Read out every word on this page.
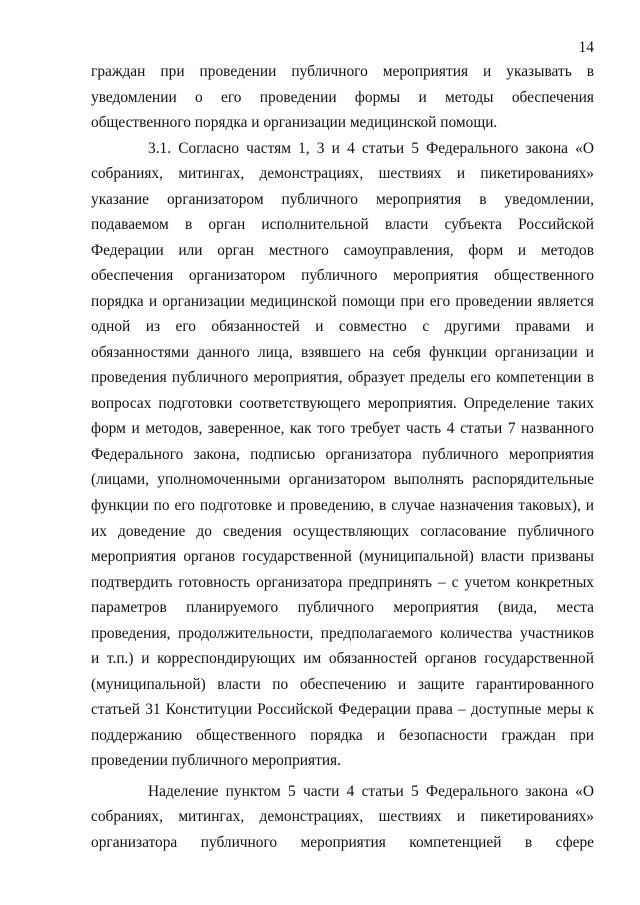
14
граждан при проведении публичного мероприятия и указывать в
уведомлении о его проведении формы и методы обеспечения
общественного порядка и организации медицинской помощи.
3.1. Согласно частям 1, 3 и 4 статьи 5 Федерального закона «О
собраниях, митингах, демонстрациях, шествиях и пикетированиях»
указание организатором публичного мероприятия в уведомлении,
подаваемом в орган исполнительной власти субъекта Российской
Федерации или орган местного самоуправления, форм и методов
обеспечения организатором публичного мероприятия общественного
порядка и организации медицинской помощи при его проведении является
одной из его обязанностей и совместно с другими правами и
обязанностями данного лица, взявшего на себя функции организации и
проведения публичного мероприятия, образует пределы его компетенции в
вопросах подготовки соответствующего мероприятия. Определение таких
форм и методов, заверенное, как того требует часть 4 статьи 7 названного
Федерального закона, подписью организатора публичного мероприятия
(лицами, уполномоченными организатором выполнять распорядительные
функции по его подготовке и проведению, в случае назначения таковых), и
их доведение до сведения осуществляющих согласование публичного
мероприятия органов государственной (муниципальной) власти призваны
подтвердить готовность организатора предпринять – с учетом конкретных
параметров планируемого публичного мероприятия (вида, места
проведения, продолжительности, предполагаемого количества участников
и т.п.) и корреспондирующих им обязанностей органов государственной
(муниципальной) власти по обеспечению и защите гарантированного
статьей 31 Конституции Российской Федерации права – доступные меры к
поддержанию общественного порядка и безопасности граждан при
проведении публичного мероприятия.
Наделение пунктом 5 части 4 статьи 5 Федерального закона «О
собраниях, митингах, демонстрациях, шествиях и пикетированиях»
организатора публичного мероприятия компетенцией в сфере
